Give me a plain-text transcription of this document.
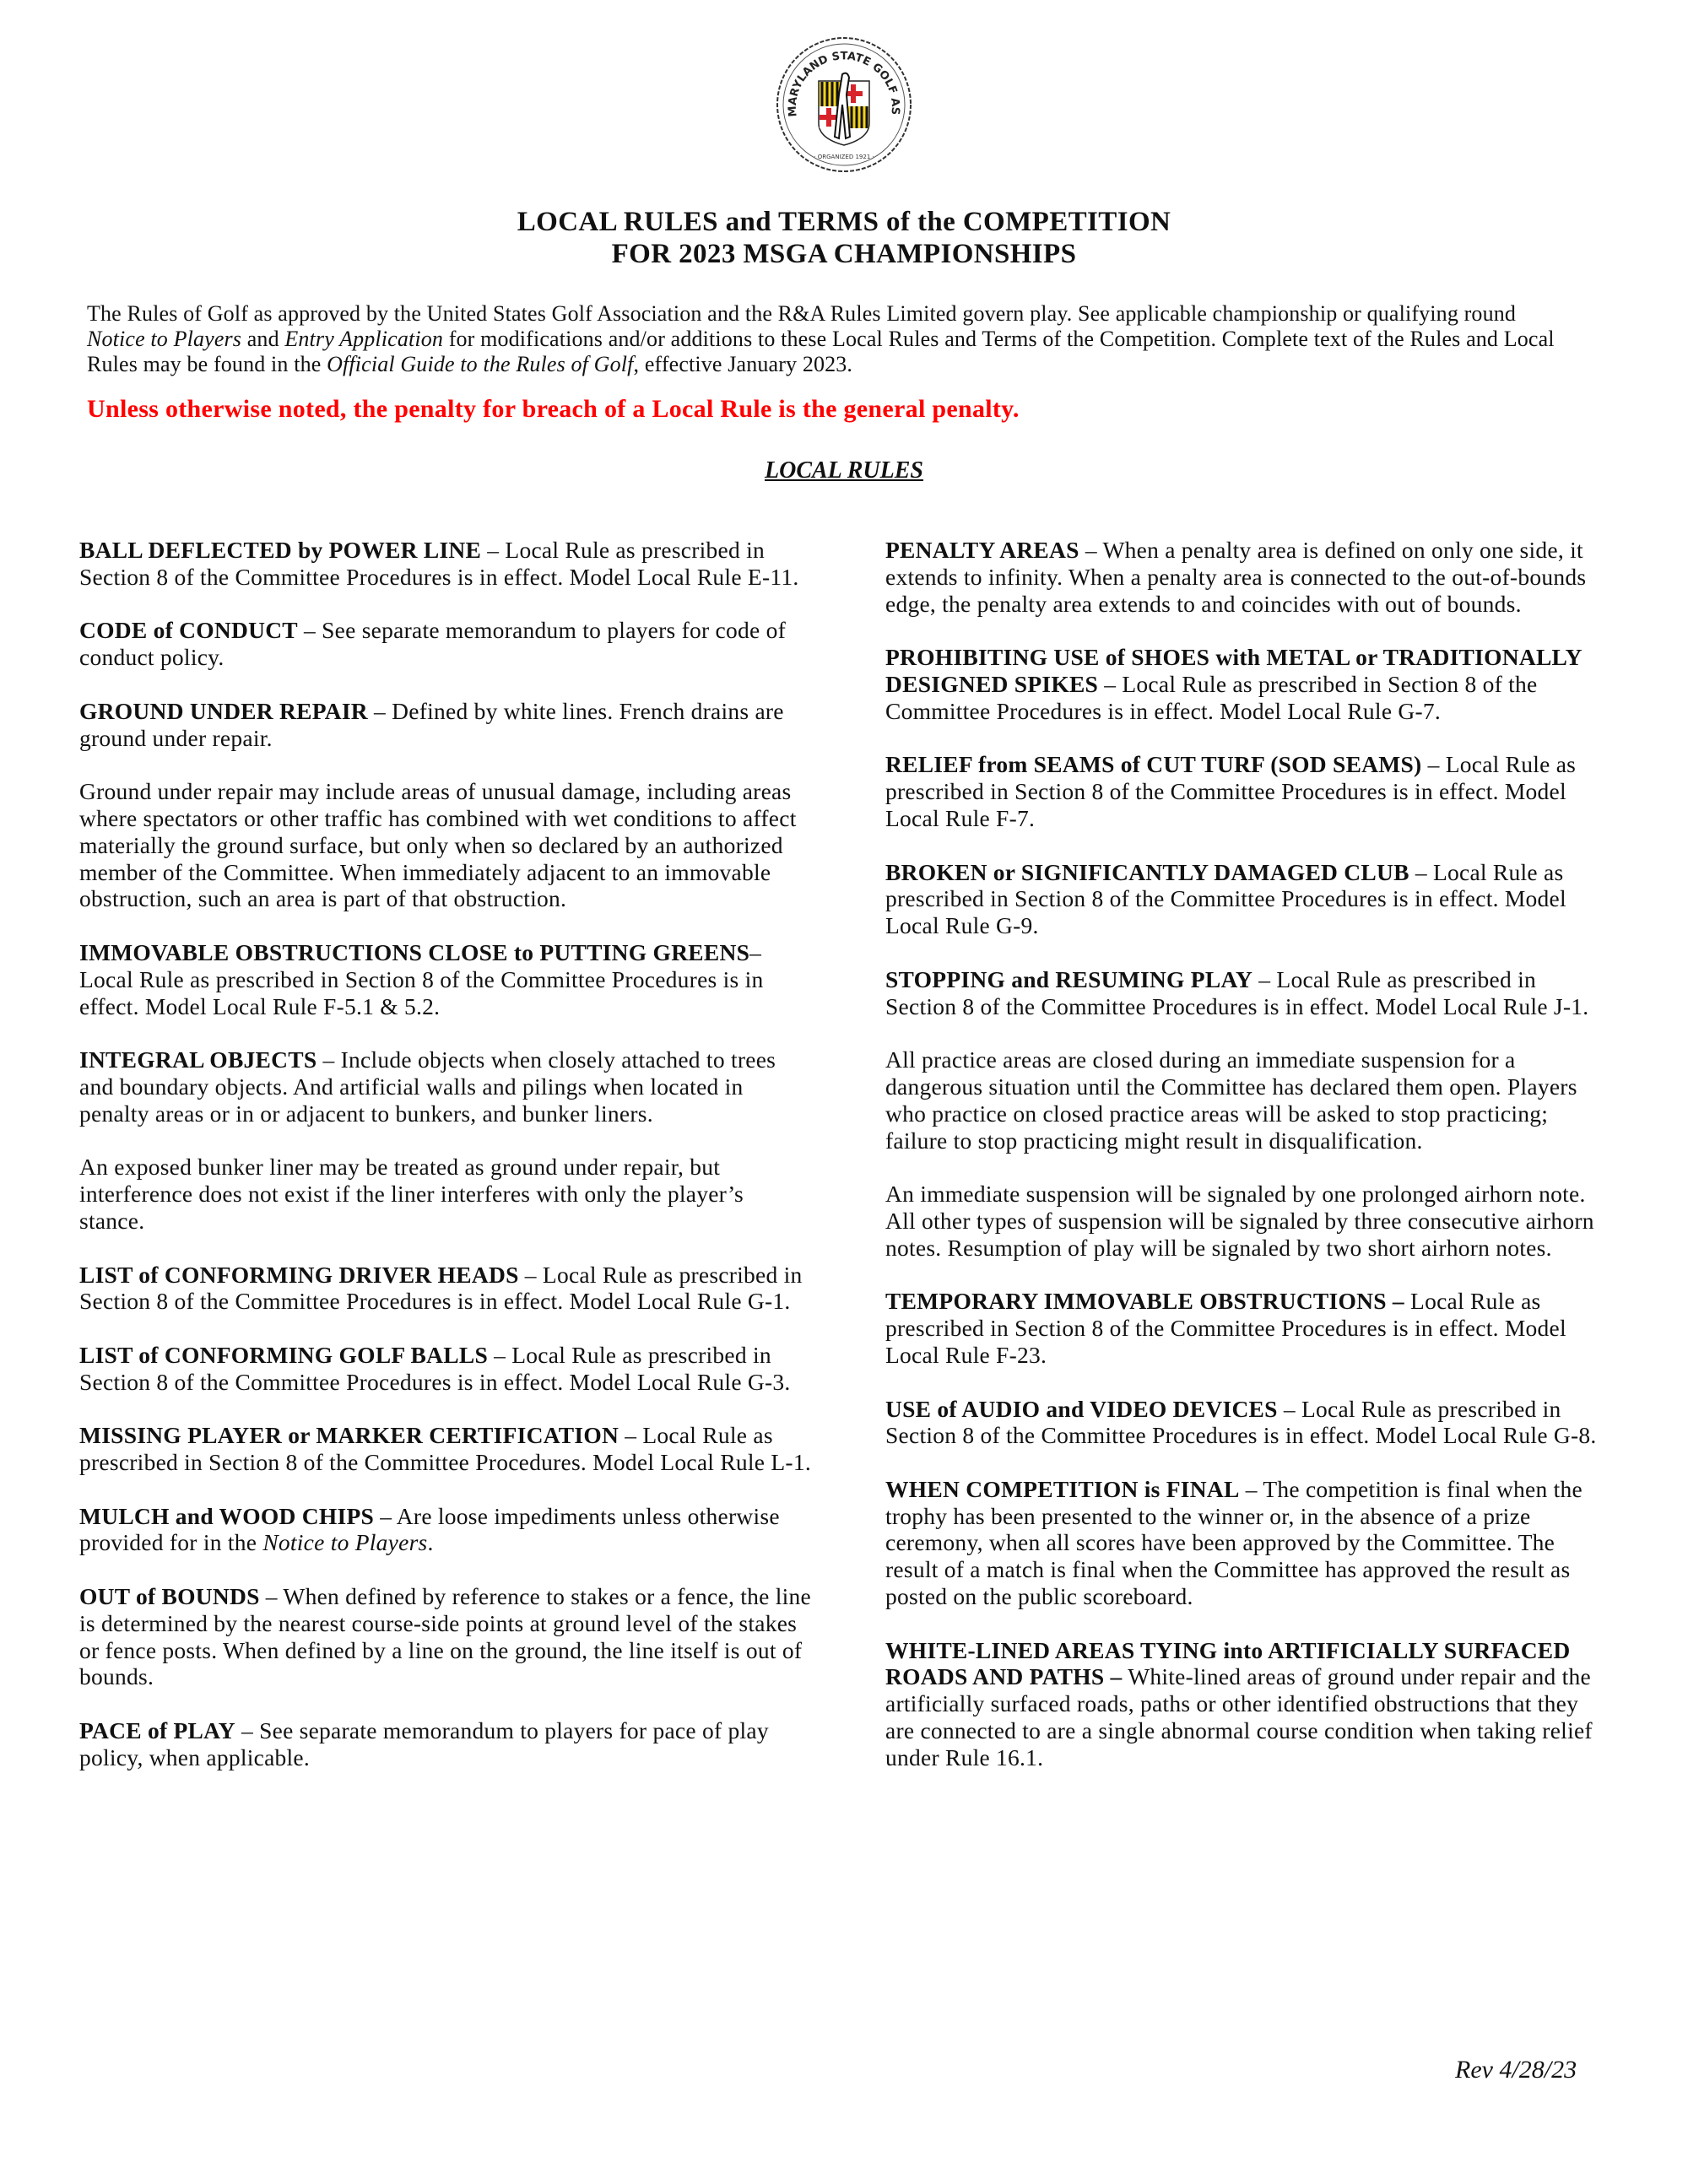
MARYLAND STATE GOLF AS
· ORGANIZED 1921 ·
LOCAL RULES and TERMS of the COMPETITION
FOR 2023 MSGA CHAMPIONSHIPS
The Rules of Golf as approved by the United States Golf Association and the R&A Rules Limited govern play. See applicable championship or qualifying round Notice to Players and Entry Application for modifications and/or additions to these Local Rules and Terms of the Competition. Complete text of the Rules and Local Rules may be found in the Official Guide to the Rules of Golf, effective January 2023.
Unless otherwise noted, the penalty for breach of a Local Rule is the general penalty.
LOCAL RULES

BALL DEFLECTED by POWER LINE – Local Rule as prescribed in Section 8 of the Committee Procedures is in effect. Model Local Rule E-11.

CODE of CONDUCT – See separate memorandum to players for code of conduct policy.

GROUND UNDER REPAIR – Defined by white lines. French drains are ground under repair.

Ground under repair may include areas of unusual damage, including areas where spectators or other traffic has combined with wet conditions to affect materially the ground surface, but only when so declared by an authorized member of the Committee. When immediately adjacent to an immovable obstruction, such an area is part of that obstruction.

IMMOVABLE OBSTRUCTIONS CLOSE to PUTTING GREENS– Local Rule as prescribed in Section 8 of the Committee Procedures is in effect. Model Local Rule F-5.1 & 5.2.

INTEGRAL OBJECTS – Include objects when closely attached to trees and boundary objects. And artificial walls and pilings when located in penalty areas or in or adjacent to bunkers, and bunker liners.

An exposed bunker liner may be treated as ground under repair, but interference does not exist if the liner interferes with only the player’s stance.

LIST of CONFORMING DRIVER HEADS – Local Rule as prescribed in Section 8 of the Committee Procedures is in effect. Model Local Rule G-1.

LIST of CONFORMING GOLF BALLS – Local Rule as prescribed in Section 8 of the Committee Procedures is in effect. Model Local Rule G-3.

MISSING PLAYER or MARKER CERTIFICATION – Local Rule as prescribed in Section 8 of the Committee Procedures. Model Local Rule L-1.

MULCH and WOOD CHIPS – Are loose impediments unless otherwise provided for in the Notice to Players.

OUT of BOUNDS – When defined by reference to stakes or a fence, the line is determined by the nearest course-side points at ground level of the stakes or fence posts. When defined by a line on the ground, the line itself is out of bounds.

PACE of PLAY – See separate memorandum to players for pace of play policy, when applicable.

PENALTY AREAS – When a penalty area is defined on only one side, it extends to infinity. When a penalty area is connected to the out-of-bounds edge, the penalty area extends to and coincides with out of bounds.

PROHIBITING USE of SHOES with METAL or TRADITIONALLY DESIGNED SPIKES – Local Rule as prescribed in Section 8 of the Committee Procedures is in effect. Model Local Rule G-7.

RELIEF from SEAMS of CUT TURF (SOD SEAMS) – Local Rule as prescribed in Section 8 of the Committee Procedures is in effect. Model Local Rule F-7.

BROKEN or SIGNIFICANTLY DAMAGED CLUB – Local Rule as prescribed in Section 8 of the Committee Procedures is in effect. Model Local Rule G-9.

STOPPING and RESUMING PLAY – Local Rule as prescribed in Section 8 of the Committee Procedures is in effect. Model Local Rule J-1.

All practice areas are closed during an immediate suspension for a dangerous situation until the Committee has declared them open. Players who practice on closed practice areas will be asked to stop practicing; failure to stop practicing might result in disqualification.

An immediate suspension will be signaled by one prolonged airhorn note. All other types of suspension will be signaled by three consecutive airhorn notes. Resumption of play will be signaled by two short airhorn notes.

TEMPORARY IMMOVABLE OBSTRUCTIONS – Local Rule as prescribed in Section 8 of the Committee Procedures is in effect. Model Local Rule F-23.

USE of AUDIO and VIDEO DEVICES – Local Rule as prescribed in Section 8 of the Committee Procedures is in effect. Model Local Rule G-8.

WHEN COMPETITION is FINAL – The competition is final when the trophy has been presented to the winner or, in the absence of a prize ceremony, when all scores have been approved by the Committee. The result of a match is final when the Committee has approved the result as posted on the public scoreboard.

WHITE-LINED AREAS TYING into ARTIFICIALLY SURFACED ROADS AND PATHS – White-lined areas of ground under repair and the artificially surfaced roads, paths or other identified obstructions that they are connected to are a single abnormal course condition when taking relief under Rule 16.1.

Rev 4/28/23
